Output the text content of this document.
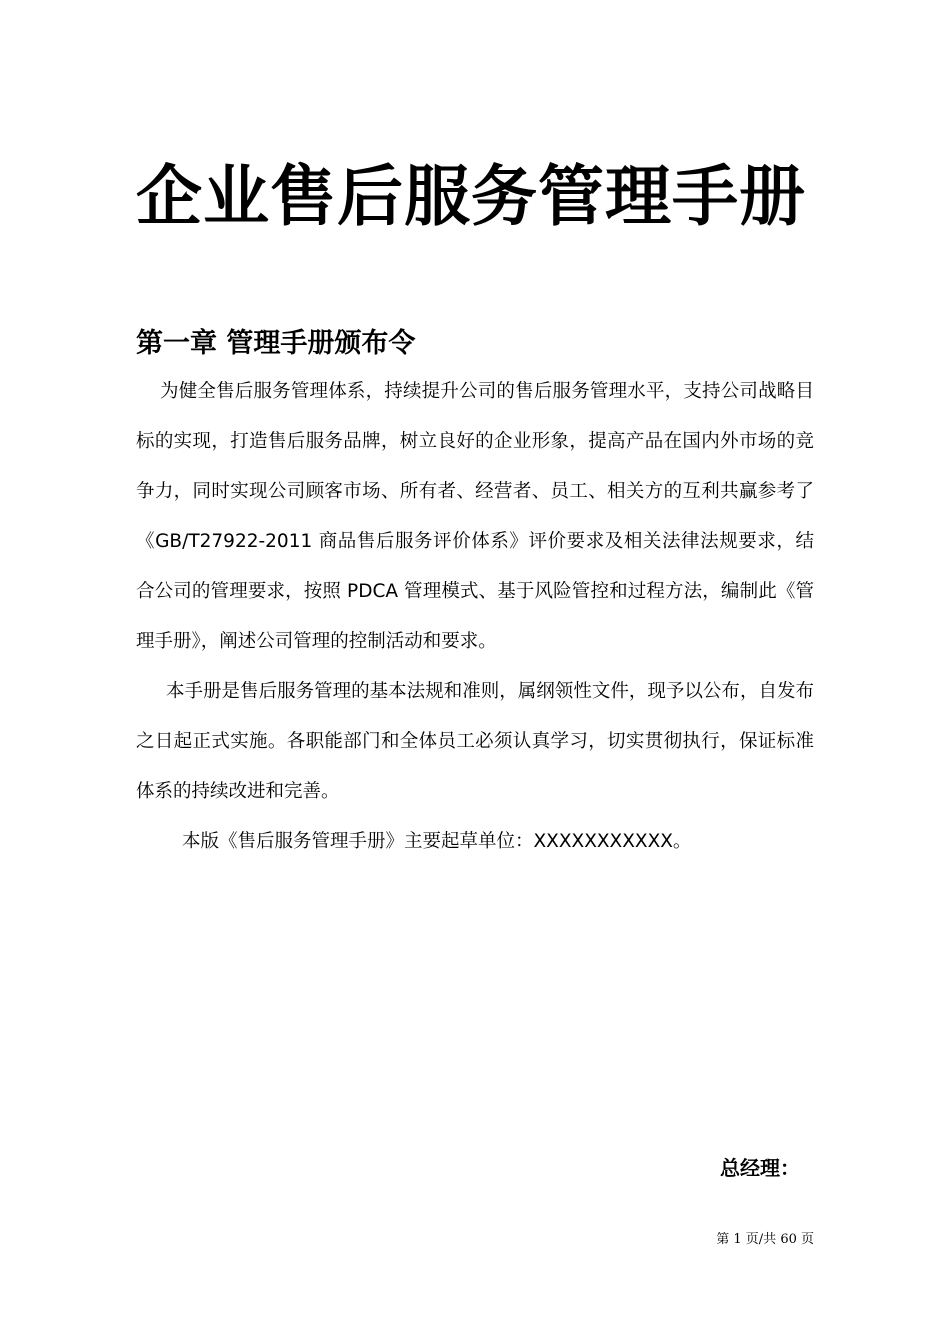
企业售后服务管理手册
第一章 管理手册颁布令

为健全售后服务管理体系，持续提升公司的售后服务管理水平，支持公司战略目标的实现，打造售后服务品牌，树立良好的企业形象，提高产品在国内外市场的竞争力，同时实现公司顾客市场、所有者、经营者、员工、相关方的互利共赢参考了《GB/T27922-2011 商品售后服务评价体系》评价要求及相关法律法规要求，结合公司的管理要求，按照 PDCA 管理模式、基于风险管控和过程方法，编制此《管理手册》，阐述公司管理的控制活动和要求。

本手册是售后服务管理的基本法规和准则，属纲领性文件，现予以公布，自发布之日起正式实施。各职能部门和全体员工必须认真学习，切实贯彻执行，保证标准体系的持续改进和完善。

本版《售后服务管理手册》主要起草单位：XXXXXXXXXXX。

总经理：

第 1 页/共 60 页
